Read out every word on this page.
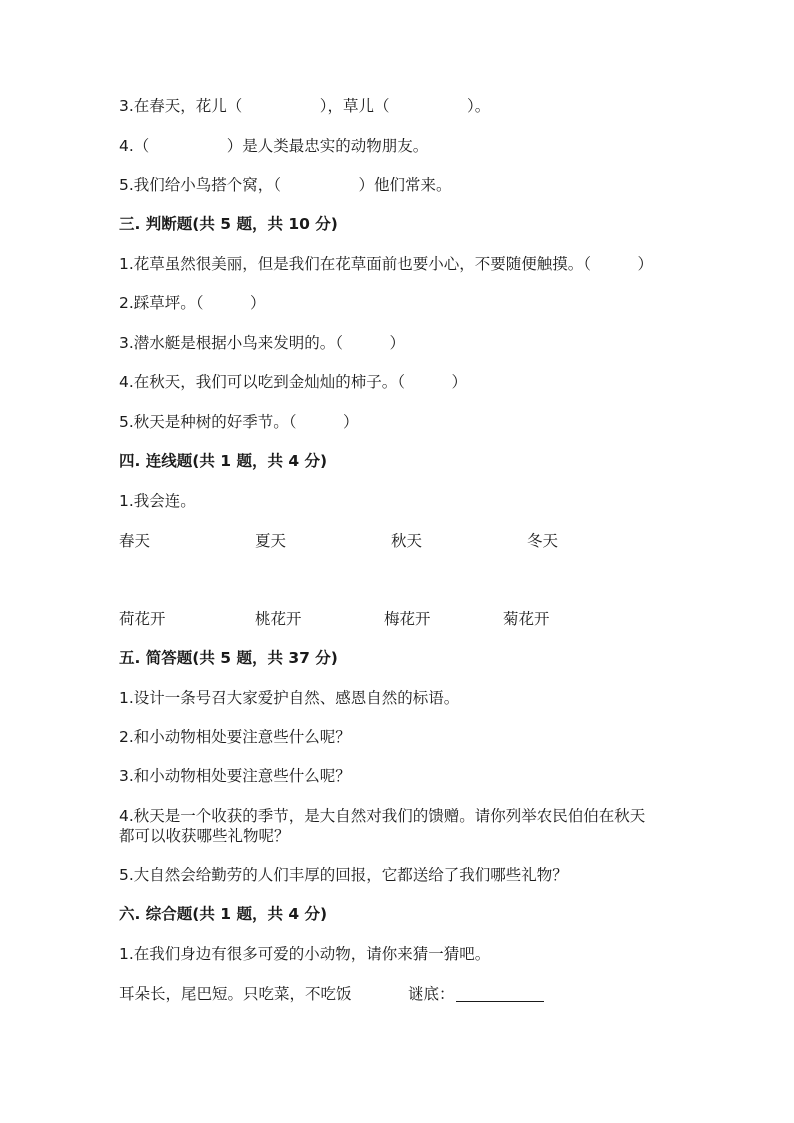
3.在春天，花儿（　　　　　），草儿（　　　　　）。
4.（　　　　　）是人类最忠实的动物朋友。
5.我们给小鸟搭个窝，（　　　　　）他们常来。
三. 判断题(共 5 题，共 10 分)
1.花草虽然很美丽，但是我们在花草面前也要小心，不要随便触摸。（　　　）
2.踩草坪。（　　　）
3.潜水艇是根据小鸟来发明的。（　　　）
4.在秋天，我们可以吃到金灿灿的柿子。（　　　）
5.秋天是种树的好季节。（　　　）
四. 连线题(共 1 题，共 4 分)
1.我会连。
春天	夏天	秋天	冬天
荷花开	桃花开	梅花开	菊花开
五. 简答题(共 5 题，共 37 分)
1.设计一条号召大家爱护自然、感恩自然的标语。
2.和小动物相处要注意些什么呢？
3.和小动物相处要注意些什么呢？
4.秋天是一个收获的季节，是大自然对我们的馈赠。请你列举农民伯伯在秋天
都可以收获哪些礼物呢？
5.大自然会给勤劳的人们丰厚的回报，它都送给了我们哪些礼物？
六. 综合题(共 1 题，共 4 分)
1.在我们身边有很多可爱的小动物，请你来猜一猜吧。
耳朵长，尾巴短。只吃菜，不吃饭	谜底：
